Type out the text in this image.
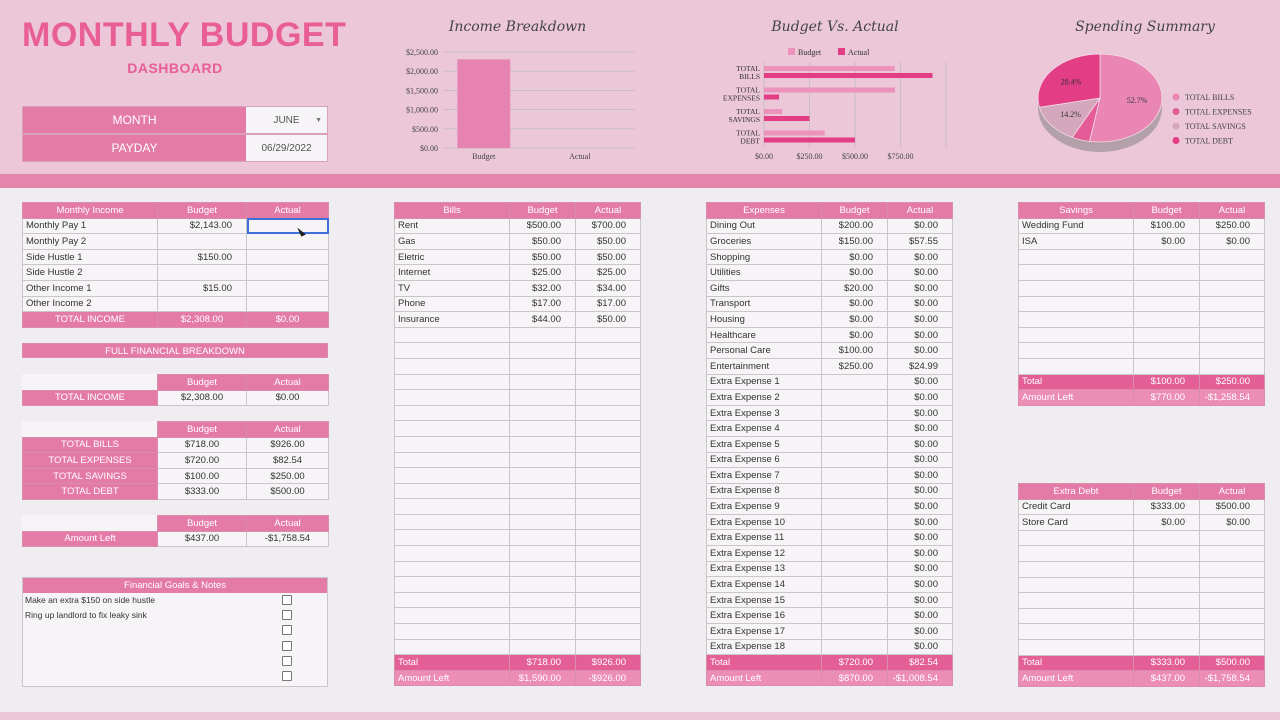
MONTHLY BUDGET
DASHBOARD
MONTH	JUNE ▼
PAYDAY	06/29/2022
Income Breakdown
$0.00
$500.00
$1,000.00
$1,500.00
$2,000.00
$2,500.00
Budget	Actual
Budget Vs. Actual
Budget	Actual
$0.00	$250.00 $500.00 $750.00
TOTAL
BILLS
TOTAL
EXPENSES
TOTAL
SAVINGS
TOTAL
DEBT
Spending Summary
52.7%
14.2%
28.4%
TOTAL BILLS
TOTAL EXPENSES
TOTAL SAVINGS
TOTAL DEBT
Monthly Income	Budget	Actual
Monthly Pay 1	$2,143.00	
Monthly Pay 2		
Side Hustle 1	$150.00	
Side Hustle 2		
Other Income 1	$15.00	
Other Income 2		
TOTAL INCOME	$2,308.00	$0.00
FULL FINANCIAL BREAKDOWN
	Budget	Actual
TOTAL INCOME	$2,308.00	$0.00
	Budget	Actual
TOTAL BILLS	$718.00	$926.00
TOTAL EXPENSES	$720.00	$82.54
TOTAL SAVINGS	$100.00	$250.00
TOTAL DEBT	$333.00	$500.00
	Budget	Actual
Amount Left	$437.00	-$1,758.54
Financial Goals & Notes
Make an extra $150 on side hustle
Ring up landlord to fix leaky sink
Bills	Budget	Actual
Rent	$500.00	$700.00
Gas	$50.00	$50.00
Eletric	$50.00	$50.00
Internet	$25.00	$25.00
TV	$32.00	$34.00
Phone	$17.00	$17.00
Insurance	$44.00	$50.00

Total	$718.00	$926.00
Amount Left	$1,590.00	-$926.00
Expenses	Budget	Actual
Dining Out	$200.00	$0.00
Groceries	$150.00	$57.55
Shopping	$0.00	$0.00
Utilities	$0.00	$0.00
Gifts	$20.00	$0.00
Transport	$0.00	$0.00
Housing	$0.00	$0.00
Healthcare	$0.00	$0.00
Personal Care	$100.00	$0.00
Entertainment	$250.00	$24.99
Extra Expense 1		$0.00
Extra Expense 2		$0.00
Extra Expense 3		$0.00
Extra Expense 4		$0.00
Extra Expense 5		$0.00
Extra Expense 6		$0.00
Extra Expense 7		$0.00
Extra Expense 8		$0.00
Extra Expense 9		$0.00
Extra Expense 10		$0.00
Extra Expense 11		$0.00
Extra Expense 12		$0.00
Extra Expense 13		$0.00
Extra Expense 14		$0.00
Extra Expense 15		$0.00
Extra Expense 16		$0.00
Extra Expense 17		$0.00
Extra Expense 18		$0.00
Total	$720.00	$82.54
Amount Left	$870.00	-$1,008.54
Savings	Budget	Actual
Wedding Fund	$100.00	$250.00
ISA	$0.00	$0.00

Total	$100.00	$250.00
Amount Left	$770.00	-$1,258.54
Extra Debt	Budget	Actual
Credit Card	$333.00	$500.00
Store Card	$0.00	$0.00

Total	$333.00	$500.00
Amount Left	$437.00	-$1,758.54
